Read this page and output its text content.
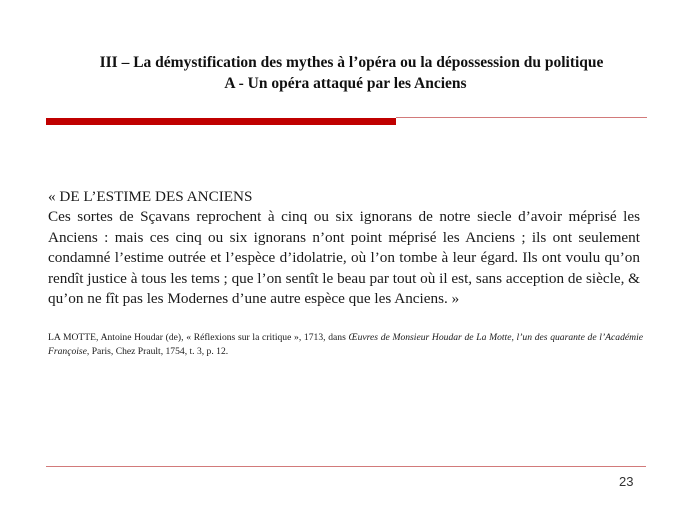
III – La démystification des mythes à l’opéra ou la dépossession du politique
A - Un opéra attaqué par les Anciens
« DE L’ESTIME DES ANCIENS
Ces sortes de Sçavans reprochent à cinq ou six ignorans de notre siecle d’avoir méprisé les Anciens : mais ces cinq ou six ignorans n’ont point méprisé les Anciens ; ils ont seulement condamné l’estime outrée et l’espèce d’idolatrie, où l’on tombe à leur égard. Ils ont voulu qu’on rendît justice à tous les tems ; que l’on sentît le beau par tout où il est, sans acception de siècle, & qu’on ne fît pas les Modernes d’une autre espèce que les Anciens. »
LA MOTTE, Antoine Houdar (de), « Réflexions sur la critique », 1713, dans Œuvres de Monsieur Houdar de La Motte, l’un des quarante de l’Académie Françoise, Paris, Chez Prault, 1754, t. 3, p. 12.
23
